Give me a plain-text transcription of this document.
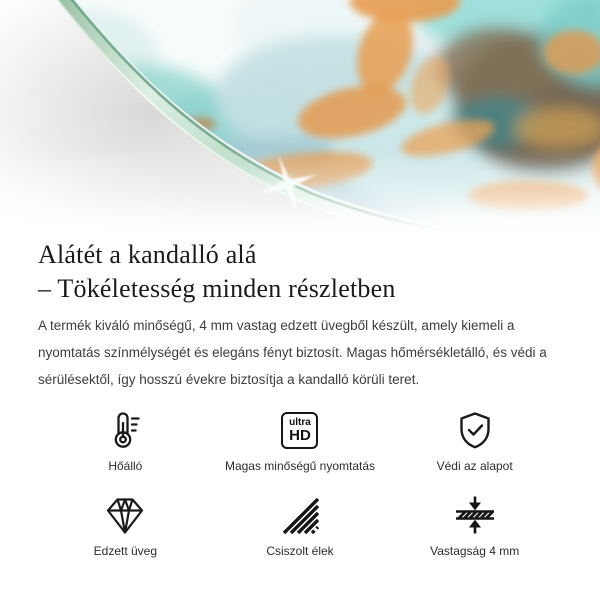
Alátét a kandalló alá
– Tökéletesség minden részletben

A termék kiváló minőségű, 4 mm vastag edzett üvegből készült, amely kiemeli a nyomtatás színmélységét és elegáns fényt biztosít. Magas hőmérsékletálló, és védi a sérülésektől, így hosszú évekre biztosítja a kandalló körüli teret.

Hőálló
ultra
HD
Magas minőségű nyomtatás	Védi az alapot
Edzett üveg	Csiszolt élek	Vastagság 4 mm
